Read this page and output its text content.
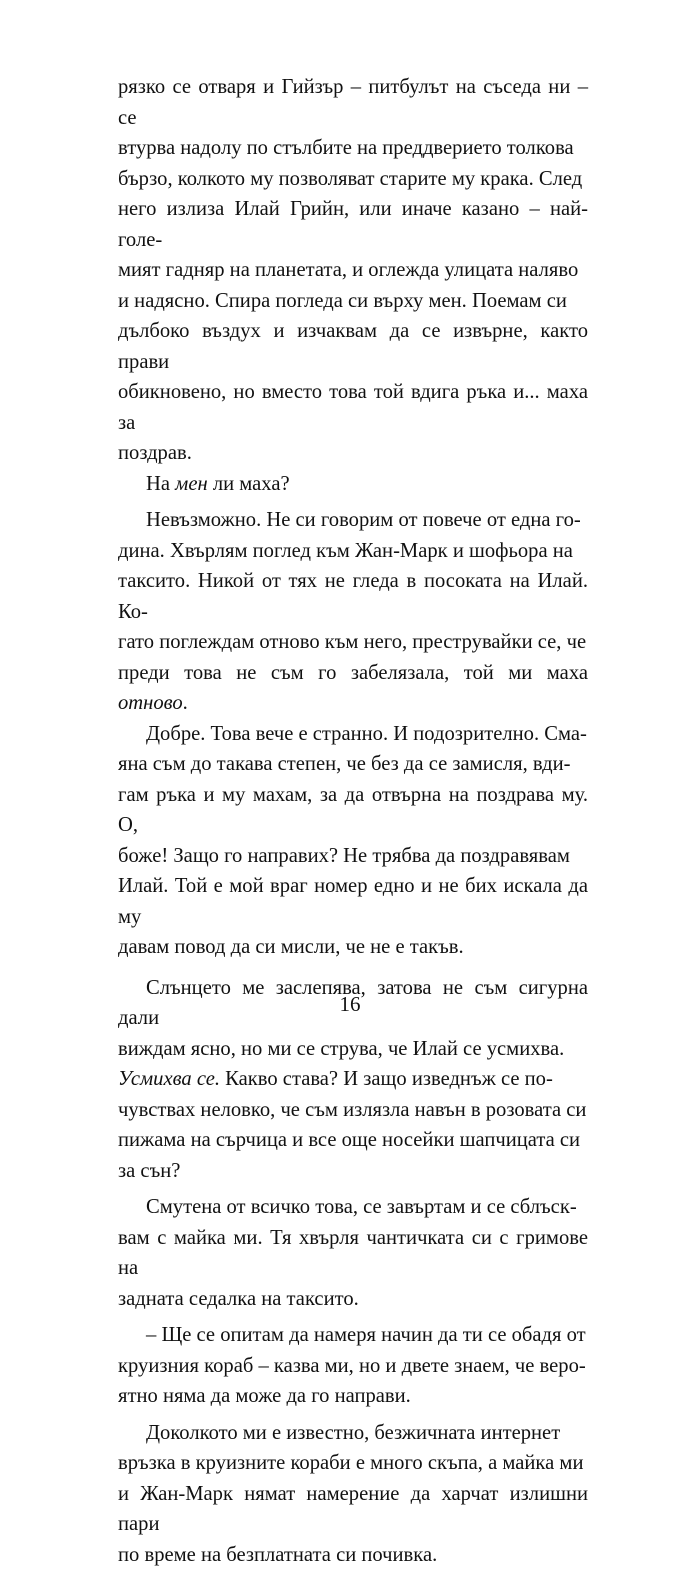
рязко се отваря и Гийзър – питбулът на съседа ни – се
втурва надолу по стълбите на преддверието толкова
бързо, колкото му позволяват старите му крака. След
него излиза Илай Грийн, или иначе казано – най-голе-
мият гадняр на планетата, и оглежда улицата наляво
и надясно. Спира погледа си върху мен. Поемам си
дълбоко въздух и изчаквам да се извърне, както прави
обикновено, но вместо това той вдига ръка и... маха за
поздрав.

На мен ли маха?

Невъзможно. Не си говорим от повече от една го-
дина. Хвърлям поглед към Жан-Марк и шофьора на
таксито. Никой от тях не гледа в посоката на Илай. Ко-
гато поглеждам отново към него, преструвайки се, че
преди това не съм го забелязала, той ми маха отново.

Добре. Това вече е странно. И подозрително. Сма-
яна съм до такава степен, че без да се замисля, вди-
гам ръка и му махам, за да отвърна на поздрава му. О,
боже! Защо го направих? Не трябва да поздравявам
Илай. Той е мой враг номер едно и не бих искала да му
давам повод да си мисли, че не е такъв.

Слънцето ме заслепява, затова не съм сигурна дали
виждам ясно, но ми се струва, че Илай се усмихва.
Усмихва се. Какво става? И защо изведнъж се по-
чувствах неловко, че съм излязла навън в розовата си
пижама на сърчица и все още носейки шапчицата си
за сън?

Смутена от всичко това, се завъртам и се сблъск-
вам с майка ми. Тя хвърля чантичката си с гримове на
задната седалка на таксито.

– Ще се опитам да намеря начин да ти се обадя от
круизния кораб – казва ми, но и двете знаем, че веро-
ятно няма да може да го направи.

Доколкото ми е известно, безжичната интернет
връзка в круизните кораби е много скъпа, а майка ми
и Жан-Марк нямат намерение да харчат излишни пари
по време на безплатната си почивка.

16
